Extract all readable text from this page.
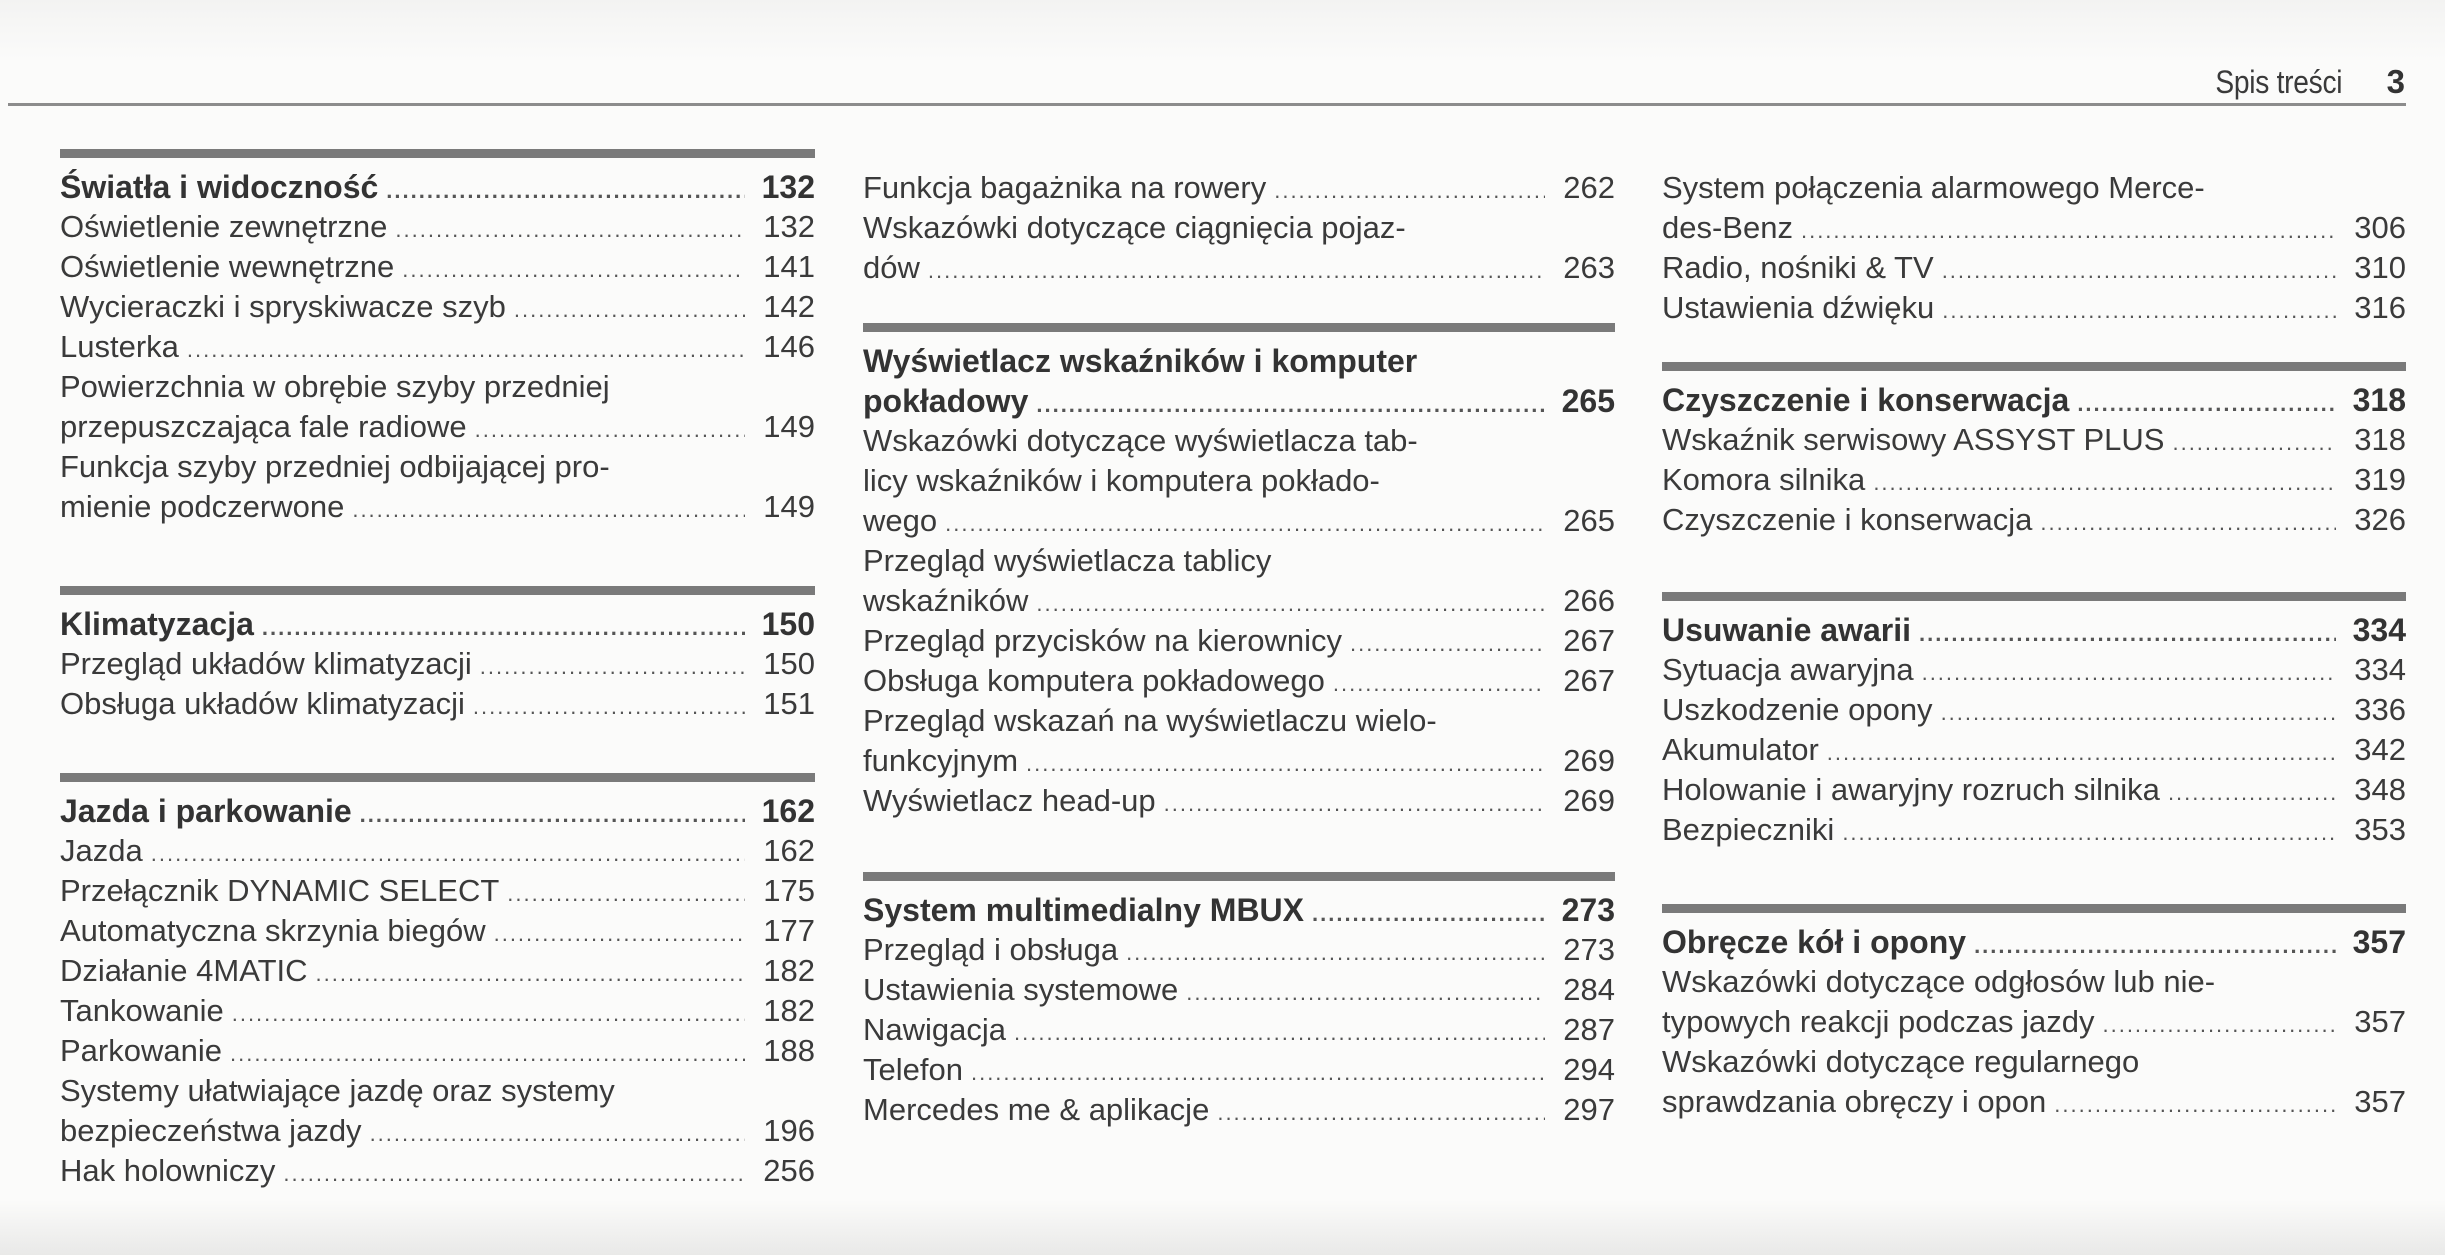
Spis treści 3
Światła i widoczność .....	132
Oświetlenie zewnętrzne .....	132
Oświetlenie wewnętrzne .....	141
Wycieraczki i spryskiwacze szyb .....	142
Lusterka .....	146
Powierzchnia w obrębie szyby przedniej
przepuszczająca fale radiowe .....	149
Funkcja szyby przedniej odbijającej pro-
mienie podczerwone .....	149
Klimatyzacja .....	150
Przegląd układów klimatyzacji .....	150
Obsługa układów klimatyzacji .....	151
Jazda i parkowanie .....	162
Jazda .....	162
Przełącznik DYNAMIC SELECT .....	175
Automatyczna skrzynia biegów .....	177
Działanie 4MATIC .....	182
Tankowanie .....	182
Parkowanie .....	188
Systemy ułatwiające jazdę oraz systemy
bezpieczeństwa jazdy .....	196
Hak holowniczy .....	256
Funkcja bagażnika na rowery .....	262
Wskazówki dotyczące ciągnięcia pojaz-
dów .....	263
Wyświetlacz wskaźników i komputer
pokładowy .....	265
Wskazówki dotyczące wyświetlacza tab-
licy wskaźników i komputera pokłado-
wego .....	265
Przegląd wyświetlacza tablicy
wskaźników .....	266
Przegląd przycisków na kierownicy .....	267
Obsługa komputera pokładowego .....	267
Przegląd wskazań na wyświetlaczu wielo-
funkcyjnym .....	269
Wyświetlacz head-up .....	269
System multimedialny MBUX .....	273
Przegląd i obsługa .....	273
Ustawienia systemowe .....	284
Nawigacja .....	287
Telefon .....	294
Mercedes me & aplikacje .....	297
System połączenia alarmowego Merce-
des-Benz .....	306
Radio, nośniki & TV .....	310
Ustawienia dźwięku .....	316
Czyszczenie i konserwacja .....	318
Wskaźnik serwisowy ASSYST PLUS .....	318
Komora silnika .....	319
Czyszczenie i konserwacja .....	326
Usuwanie awarii .....	334
Sytuacja awaryjna .....	334
Uszkodzenie opony .....	336
Akumulator .....	342
Holowanie i awaryjny rozruch silnika .....	348
Bezpieczniki .....	353
Obręcze kół i opony .....	357
Wskazówki dotyczące odgłosów lub nie-
typowych reakcji podczas jazdy .....	357
Wskazówki dotyczące regularnego
sprawdzania obręczy i opon .....	357
